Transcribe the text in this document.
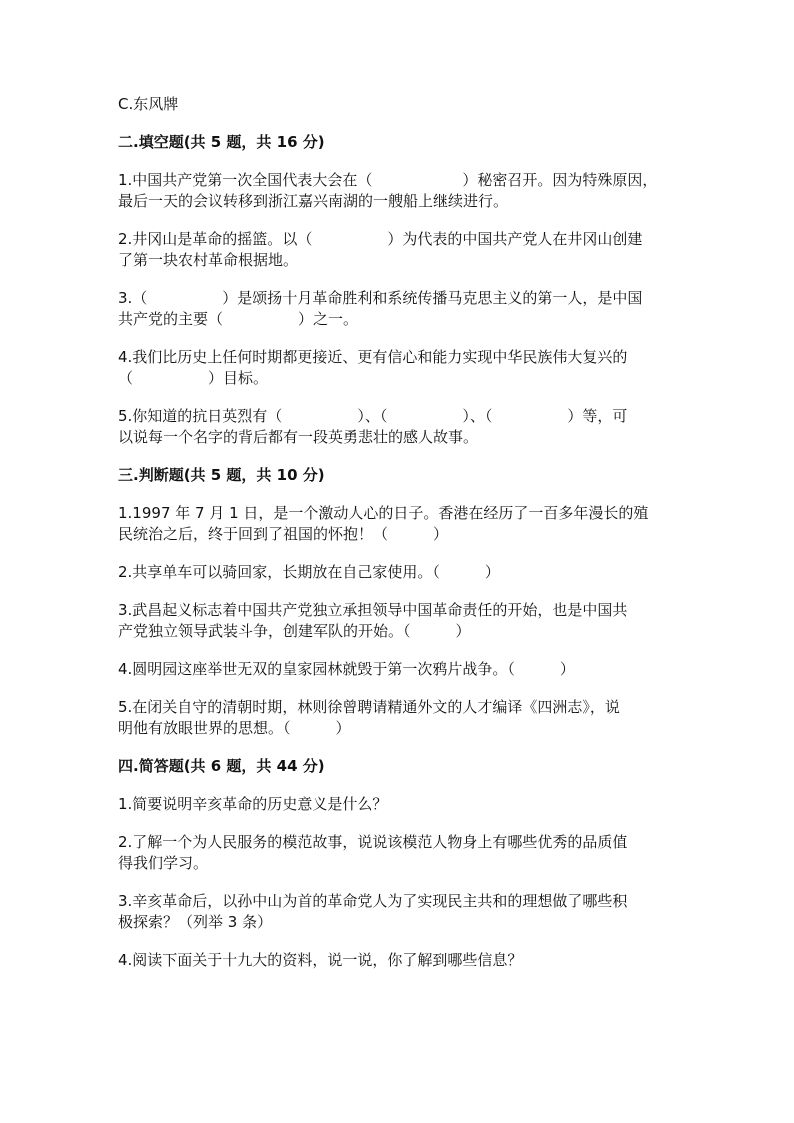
C.东风牌

二.填空题(共 5 题，共 16 分)

1.中国共产党第一次全国代表大会在（　　　　　　）秘密召开。因为特殊原因，

最后一天的会议转移到浙江嘉兴南湖的一艘船上继续进行。

2.井冈山是革命的摇篮。以（　　　　　）为代表的中国共产党人在井冈山创建

了第一块农村革命根据地。

3.（　　　　　）是颂扬十月革命胜利和系统传播马克思主义的第一人，是中国

共产党的主要（　　　　　）之一。

4.我们比历史上任何时期都更接近、更有信心和能力实现中华民族伟大复兴的

（　　　　　）目标。

5.你知道的抗日英烈有（　　　　　）、（　　　　　）、（　　　　　）等，可

以说每一个名字的背后都有一段英勇悲壮的感人故事。

三.判断题(共 5 题，共 10 分)

1.1997 年 7 月 1 日，是一个激动人心的日子。香港在经历了一百多年漫长的殖

民统治之后，终于回到了祖国的怀抱！（　　　）

2.共享单车可以骑回家，长期放在自己家使用。（　　　）

3.武昌起义标志着中国共产党独立承担领导中国革命责任的开始，也是中国共

产党独立领导武装斗争，创建军队的开始。（　　　）

4.圆明园这座举世无双的皇家园林就毁于第一次鸦片战争。（　　　）

5.在闭关自守的清朝时期，林则徐曾聘请精通外文的人才编译《四洲志》，说

明他有放眼世界的思想。（　　　）

四.简答题(共 6 题，共 44 分)

1.简要说明辛亥革命的历史意义是什么？

2.了解一个为人民服务的模范故事，说说该模范人物身上有哪些优秀的品质值

得我们学习。

3.辛亥革命后，以孙中山为首的革命党人为了实现民主共和的理想做了哪些积

极探索？（列举 3 条）

4.阅读下面关于十九大的资料，说一说，你了解到哪些信息？
